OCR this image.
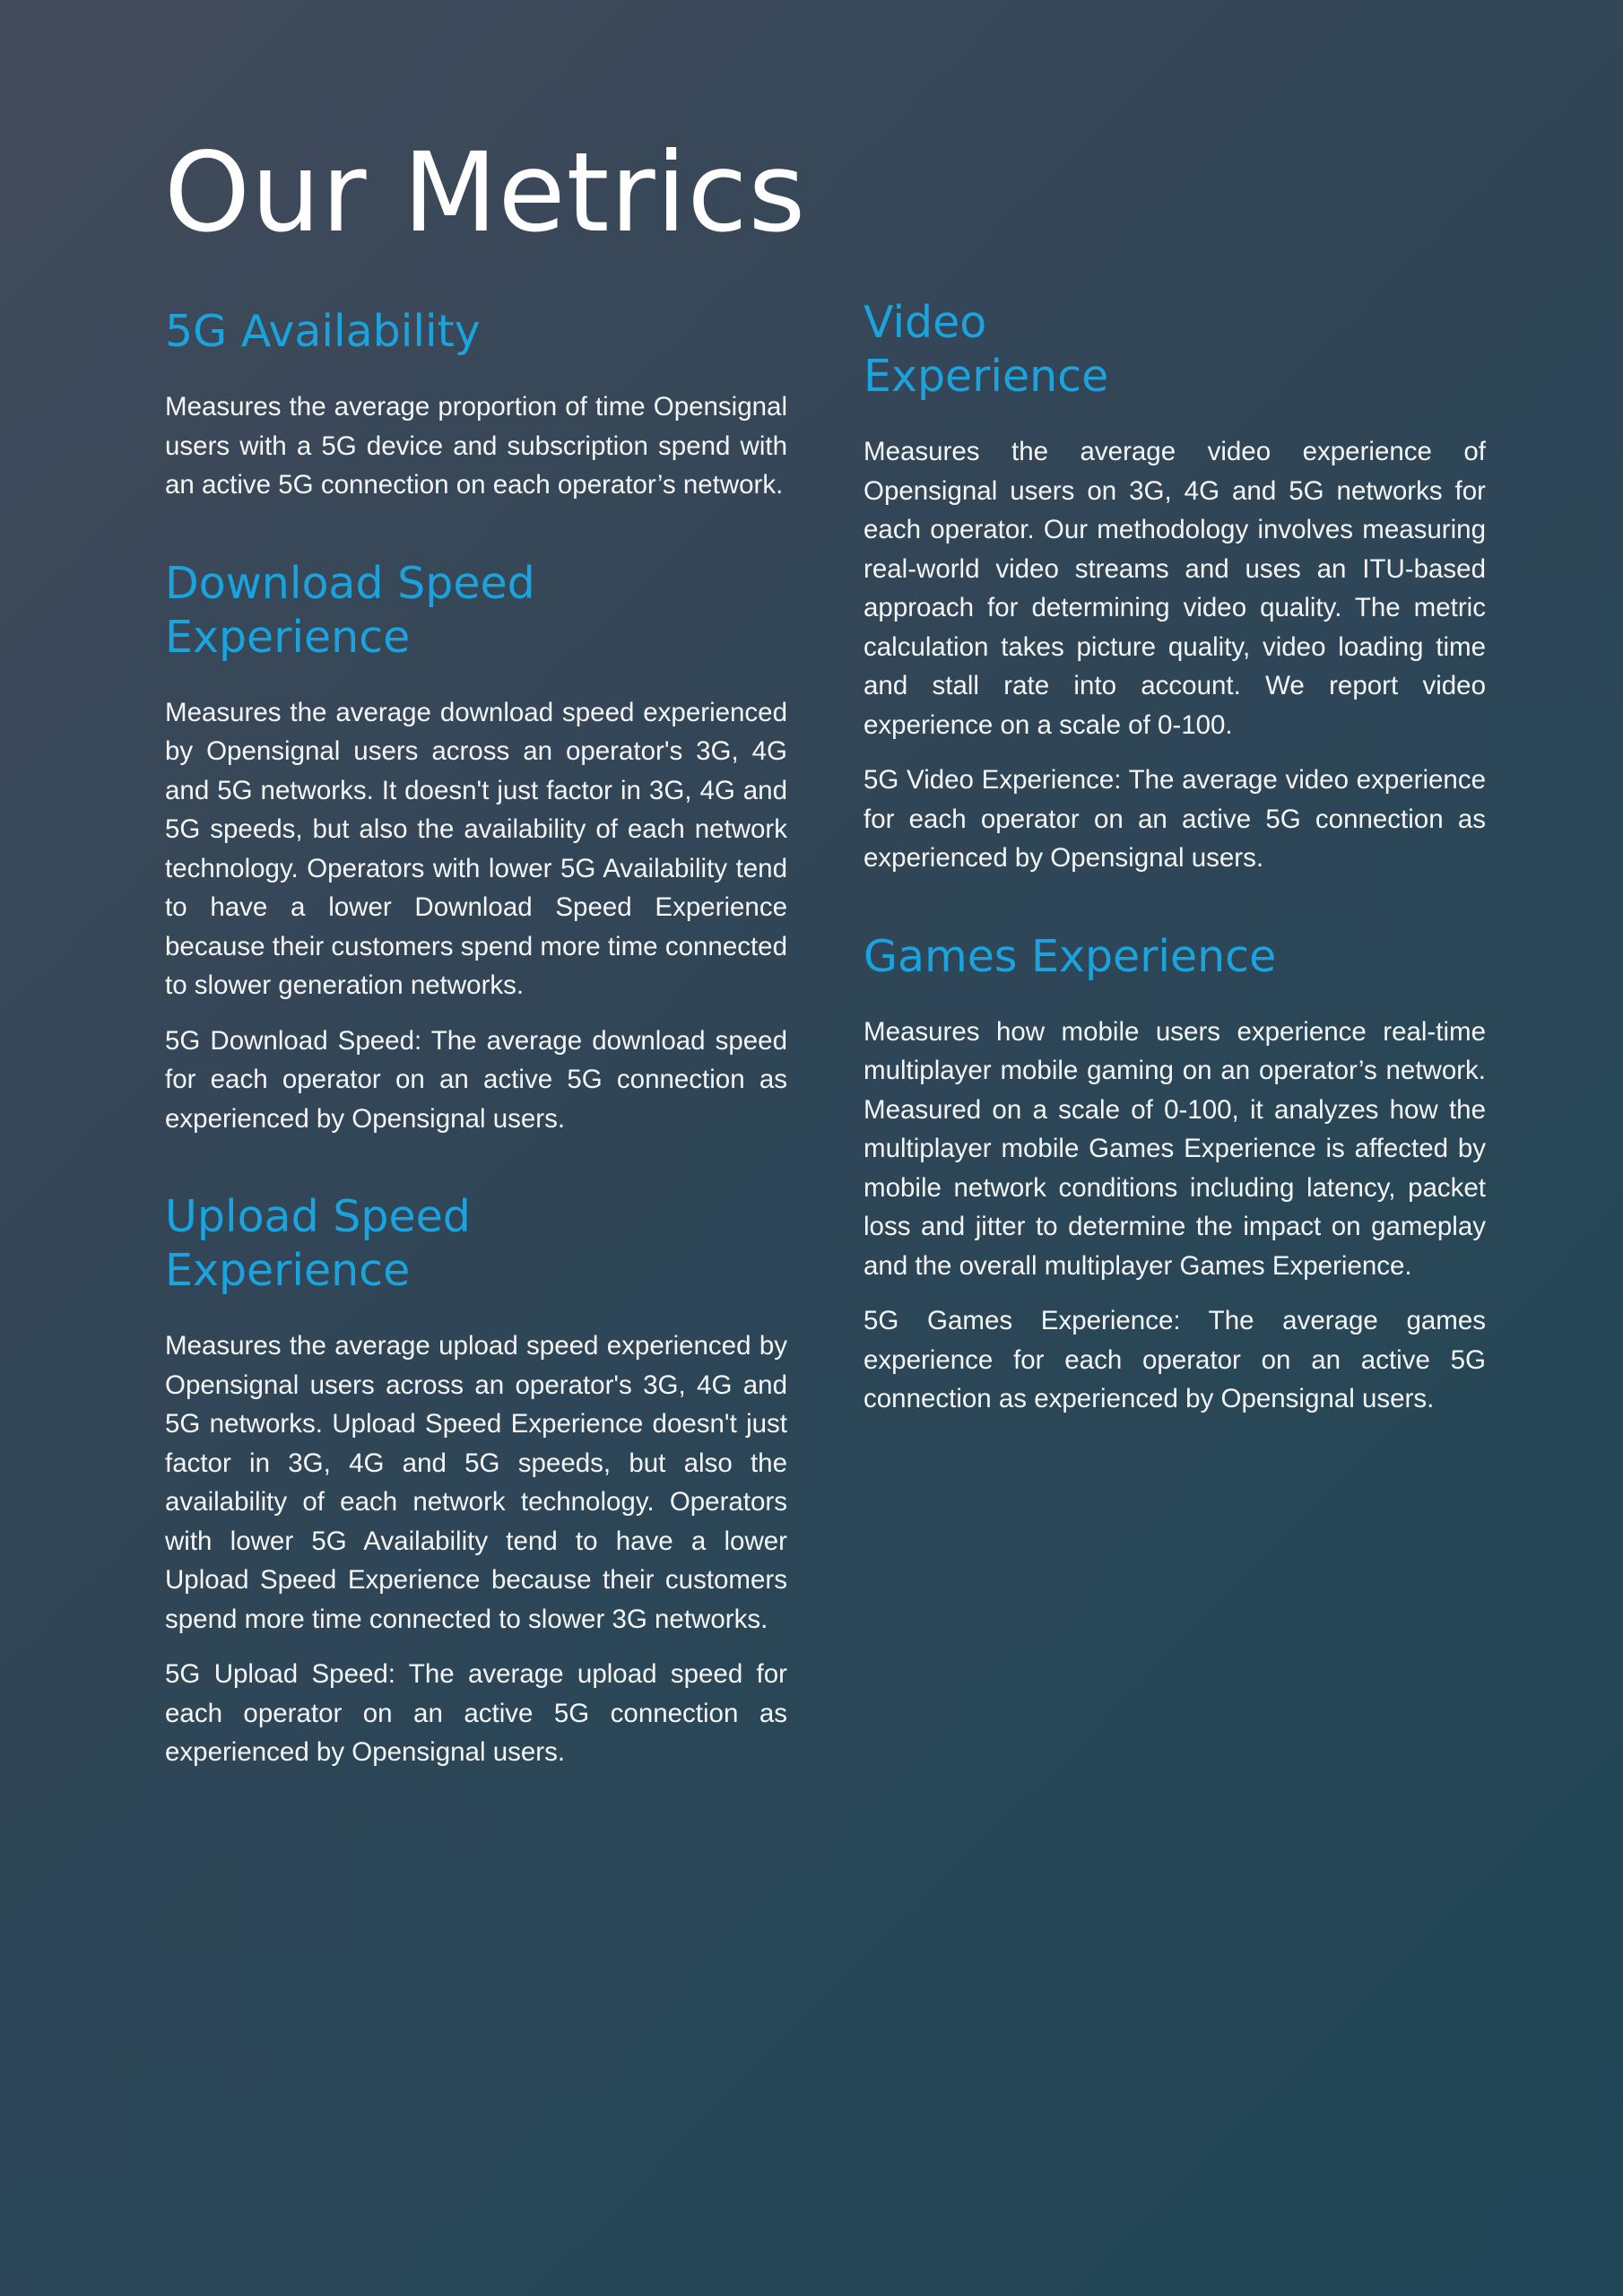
Our Metrics
5G Availability

Measures the average proportion of time Opensignal users with a 5G device and subscription spend with an active 5G connection on each operator’s network.

Download Speed Experience

Measures the average download speed experienced by Opensignal users across an operator's 3G, 4G and 5G networks. It doesn't just factor in 3G, 4G and 5G speeds, but also the availability of each network technology. Operators with lower 5G Availability tend to have a lower Download Speed Experience because their customers spend more time connected to slower generation networks.

5G Download Speed: The average download speed for each operator on an active 5G connection as experienced by Opensignal users.

Upload Speed Experience

Measures the average upload speed experienced by Opensignal users across an operator's 3G, 4G and 5G networks. Upload Speed Experience doesn't just factor in 3G, 4G and 5G speeds, but also the availability of each network technology. Operators with lower 5G Availability tend to have a lower Upload Speed Experience because their customers spend more time connected to slower 3G networks.

5G Upload Speed: The average upload speed for each operator on an active 5G connection as experienced by Opensignal users.

Video Experience

Measures the average video experience of Opensignal users on 3G, 4G and 5G networks for each operator. Our methodology involves measuring real-world video streams and uses an ITU-based approach for determining video quality. The metric calculation takes picture quality, video loading time and stall rate into account. We report video experience on a scale of 0-100.

5G Video Experience: The average video experience for each operator on an active 5G connection as experienced by Opensignal users.

Games Experience

Measures how mobile users experience real-time multiplayer mobile gaming on an operator’s network. Measured on a scale of 0-100, it analyzes how the multiplayer mobile Games Experience is affected by mobile network conditions including latency, packet loss and jitter to determine the impact on gameplay and the overall multiplayer Games Experience.

5G Games Experience: The average games experience for each operator on an active 5G connection as experienced by Opensignal users.
